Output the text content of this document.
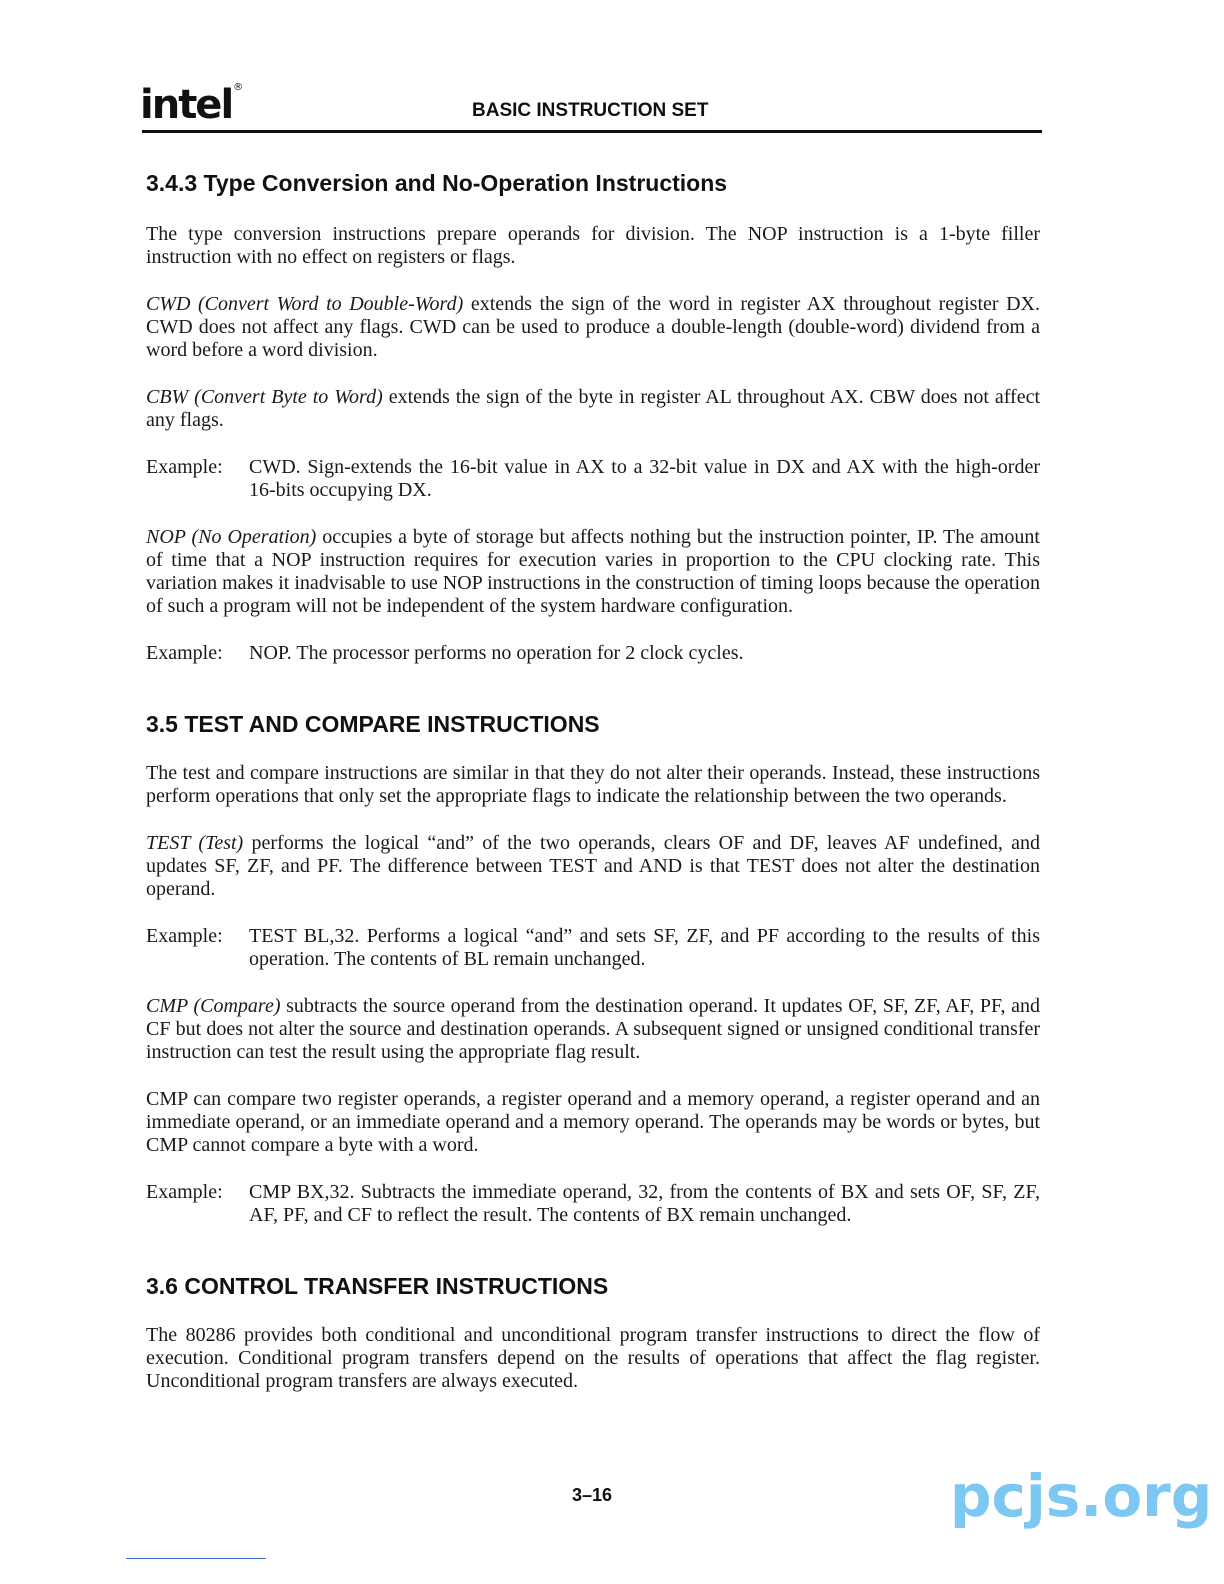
intel®
BASIC INSTRUCTION SET
3.4.3 Type Conversion and No-Operation Instructions

The type conversion instructions prepare operands for division. The NOP instruction is a 1-byte filler instruction with no effect on registers or flags.

CWD (Convert Word to Double-Word) extends the sign of the word in register AX throughout register DX. CWD does not affect any flags. CWD can be used to produce a double-length (double-word) dividend from a word before a word division.

CBW (Convert Byte to Word) extends the sign of the byte in register AL throughout AX. CBW does not affect any flags.

Example:	CWD. Sign-extends the 16-bit value in AX to a 32-bit value in DX and AX with the high-order 16-bits occupying DX.

NOP (No Operation) occupies a byte of storage but affects nothing but the instruction pointer, IP. The amount of time that a NOP instruction requires for execution varies in proportion to the CPU clocking rate. This variation makes it inadvisable to use NOP instructions in the construction of timing loops because the operation of such a program will not be independent of the system hardware configuration.

Example:	NOP. The processor performs no operation for 2 clock cycles.
3.5 TEST AND COMPARE INSTRUCTIONS

The test and compare instructions are similar in that they do not alter their operands. Instead, these instructions perform operations that only set the appropriate flags to indicate the relationship between the two operands.

TEST (Test) performs the logical “and” of the two operands, clears OF and DF, leaves AF undefined, and updates SF, ZF, and PF. The difference between TEST and AND is that TEST does not alter the destination operand.

Example:	TEST BL,32. Performs a logical “and” and sets SF, ZF, and PF according to the results of this operation. The contents of BL remain unchanged.

CMP (Compare) subtracts the source operand from the destination operand. It updates OF, SF, ZF, AF, PF, and CF but does not alter the source and destination operands. A subsequent signed or unsigned conditional transfer instruction can test the result using the appropriate flag result.

CMP can compare two register operands, a register operand and a memory operand, a register operand and an immediate operand, or an immediate operand and a memory operand. The operands may be words or bytes, but CMP cannot compare a byte with a word.

Example:	CMP BX,32. Subtracts the immediate operand, 32, from the contents of BX and sets OF, SF, ZF, AF, PF, and CF to reflect the result. The contents of BX remain unchanged.
3.6 CONTROL TRANSFER INSTRUCTIONS

The 80286 provides both conditional and unconditional program transfer instructions to direct the flow of execution. Conditional program transfers depend on the results of operations that affect the flag register. Unconditional program transfers are always executed.

3–16	pcjs.org
